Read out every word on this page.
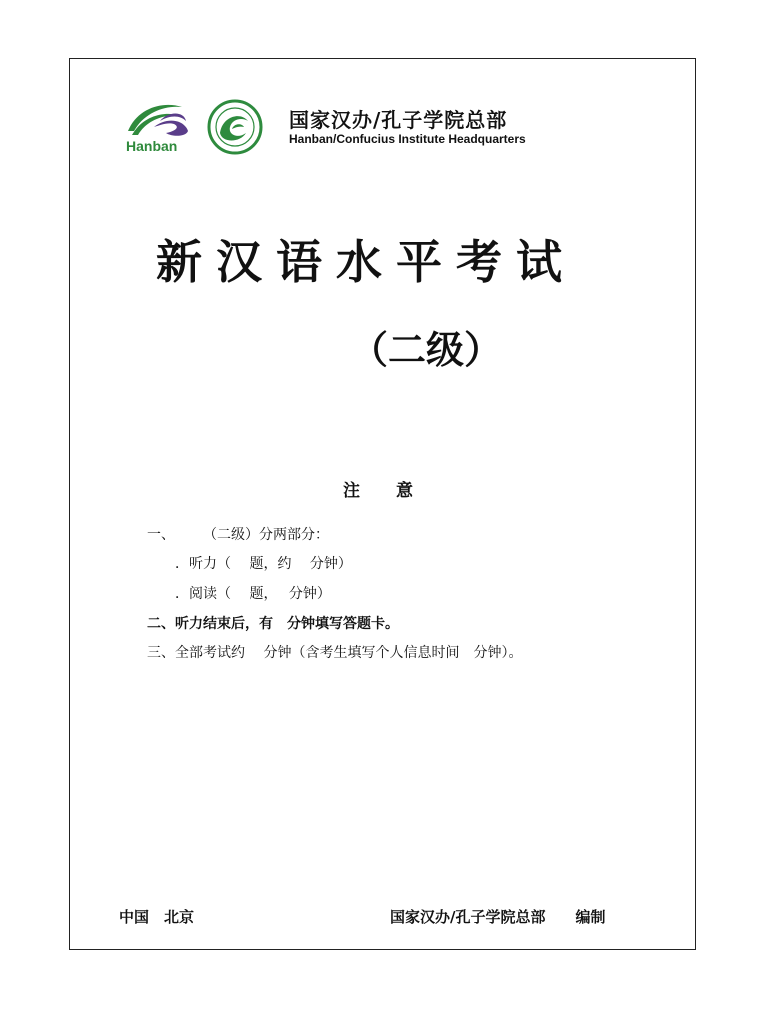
Hanban
国家汉办/孔子学院总部
Hanban/Confucius Institute Headquarters
新汉语水平考试
（二级）
注意
一、　　　（二级）分两部分：
　　．听力（　 题，约　 分钟）
　　．阅读（　 题，　 分钟）
二、听力结束后，有　分钟填写答题卡。
三、全部考试约　 分钟（含考生填写个人信息时间　分钟）。
中国　北京	国家汉办/孔子学院总部　　编制
